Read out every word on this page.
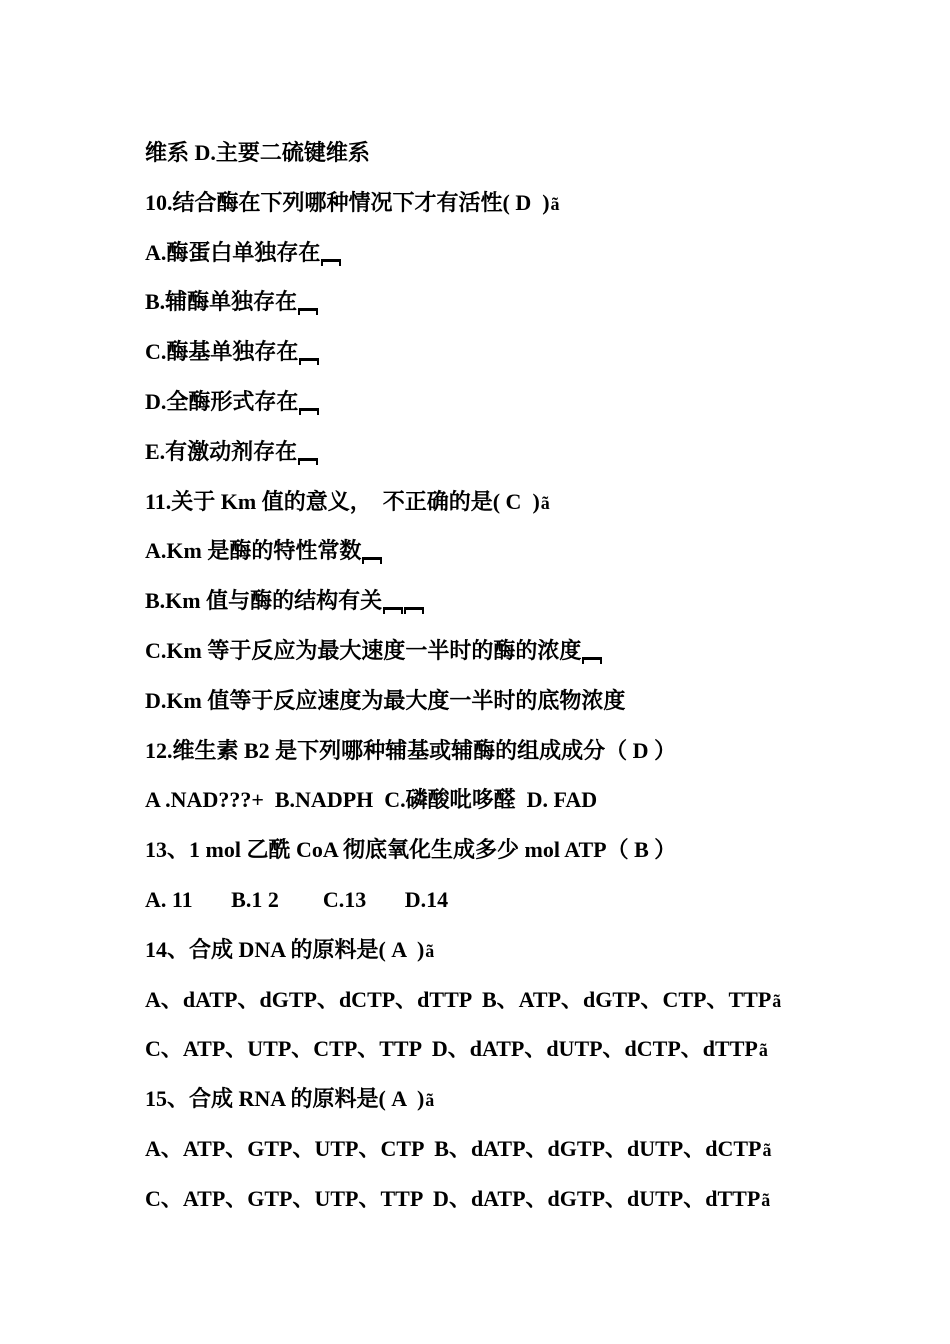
维系 D.主要二硫键维系
10.结合酶在下列哪种情况下才有活性( D  )ã
A.酶蛋白单独存在
B.辅酶单独存在
C.酶基单独存在
D.全酶形式存在
E.有激动剂存在
11.关于 Km 值的意义，  不正确的是( C  )ã
A.Km 是酶的特性常数
B.Km 值与酶的结构有关
C.Km 等于反应为最大速度一半时的酶的浓度
D.Km 值等于反应速度为最大度一半时的底物浓度
12.维生素 B2 是下列哪种辅基或辅酶的组成成分（ D ）
A .NAD???+  B.NADPH  C.磷酸吡哆醛  D. FAD
13、1 mol 乙酰 CoA 彻底氧化生成多少 mol ATP（ B ）
A. 11       B.1 2        C.13       D.14
14、合成 DNA 的原料是( A  )ã
A、dATP、dGTP、dCTP、dTTP  B、ATP、dGTP、CTP、TTPã
C、ATP、UTP、CTP、TTP  D、dATP、dUTP、dCTP、dTTPã
15、合成 RNA 的原料是( A  )ã
A、ATP、GTP、UTP、CTP  B、dATP、dGTP、dUTP、dCTPã
C、ATP、GTP、UTP、TTP  D、dATP、dGTP、dUTP、dTTPã
